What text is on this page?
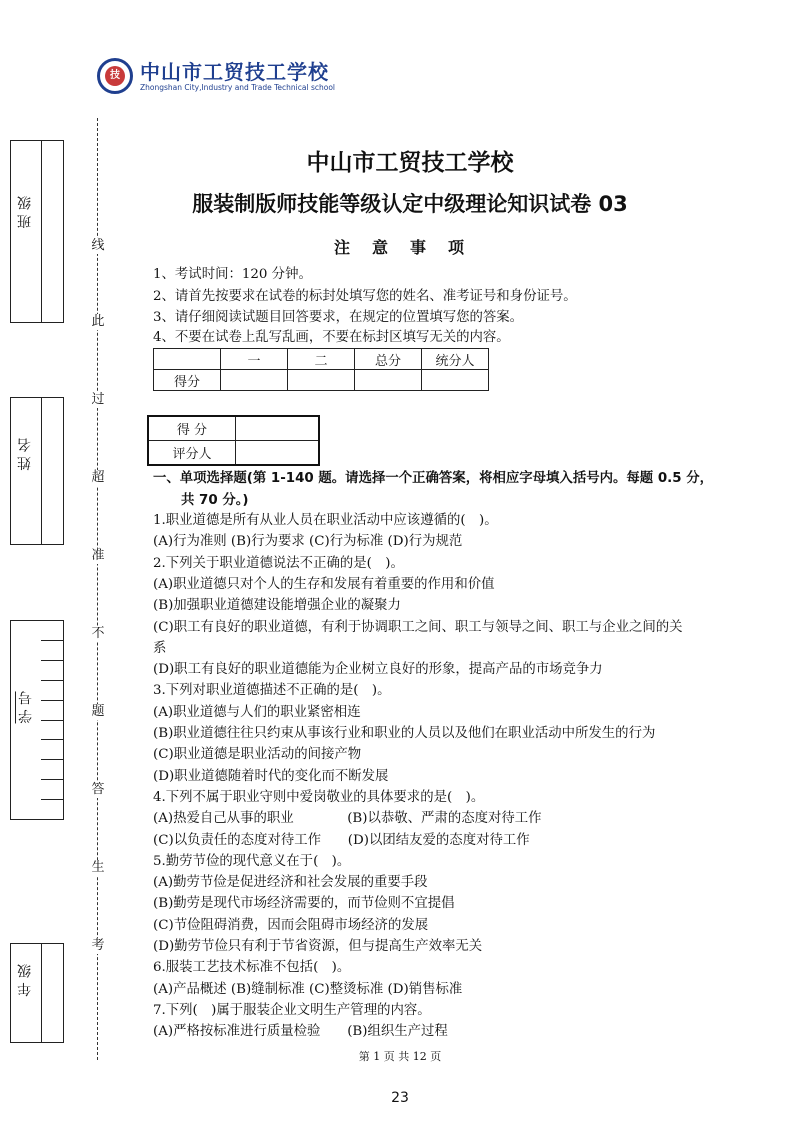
技 中山市工贸技工学校
Zhongshan City,Industry and Trade Technical school
班 级
姓 名
学 号
年 级
线
此
过
超
准
不
题
答
生
考
中山市工贸技工学校
服装制版师技能等级认定中级理论知识试卷 03
注意事项
1、考试时间：120 分钟。
2、请首先按要求在试卷的标封处填写您的姓名、准考证号和身份证号。
3、请仔细阅读试题目回答要求，在规定的位置填写您的答案。
4、不要在试卷上乱写乱画，不要在标封区填写无关的内容。
	一	二	总分	统分人
得分				
得 分	
评分人	
一、单项选择题(第 1-140 题。请选择一个正确答案，将相应字母填入括号内。每题 0.5 分，
共 70 分。)
1.职业道德是所有从业人员在职业活动中应该遵循的(　)。
(A)行为准则 (B)行为要求 (C)行为标准 (D)行为规范
2.下列关于职业道德说法不正确的是(　)。
(A)职业道德只对个人的生存和发展有着重要的作用和价值
(B)加强职业道德建设能增强企业的凝聚力
(C)职工有良好的职业道德，有利于协调职工之间、职工与领导之间、职工与企业之间的关
系
(D)职工有良好的职业道德能为企业树立良好的形象，提高产品的市场竞争力
3.下列对职业道德描述不正确的是(　)。
(A)职业道德与人们的职业紧密相连
(B)职业道德往往只约束从事该行业和职业的人员以及他们在职业活动中所发生的行为
(C)职业道德是职业活动的间接产物
(D)职业道德随着时代的变化而不断发展
4.下列不属于职业守则中爱岗敬业的具体要求的是(　)。
(A)热爱自己从事的职业　　　　(B)以恭敬、严肃的态度对待工作
(C)以负责任的态度对待工作　　(D)以团结友爱的态度对待工作
5.勤劳节俭的现代意义在于(　)。
(A)勤劳节俭是促进经济和社会发展的重要手段
(B)勤劳是现代市场经济需要的，而节俭则不宜提倡
(C)节俭阻碍消费，因而会阻碍市场经济的发展
(D)勤劳节俭只有利于节省资源，但与提高生产效率无关
6.服装工艺技术标准不包括(　)。
(A)产品概述 (B)缝制标准 (C)整烫标准 (D)销售标准
7.下列(　)属于服装企业文明生产管理的内容。
(A)严格按标准进行质量检验　　(B)组织生产过程
第 1 页 共 12 页
23
